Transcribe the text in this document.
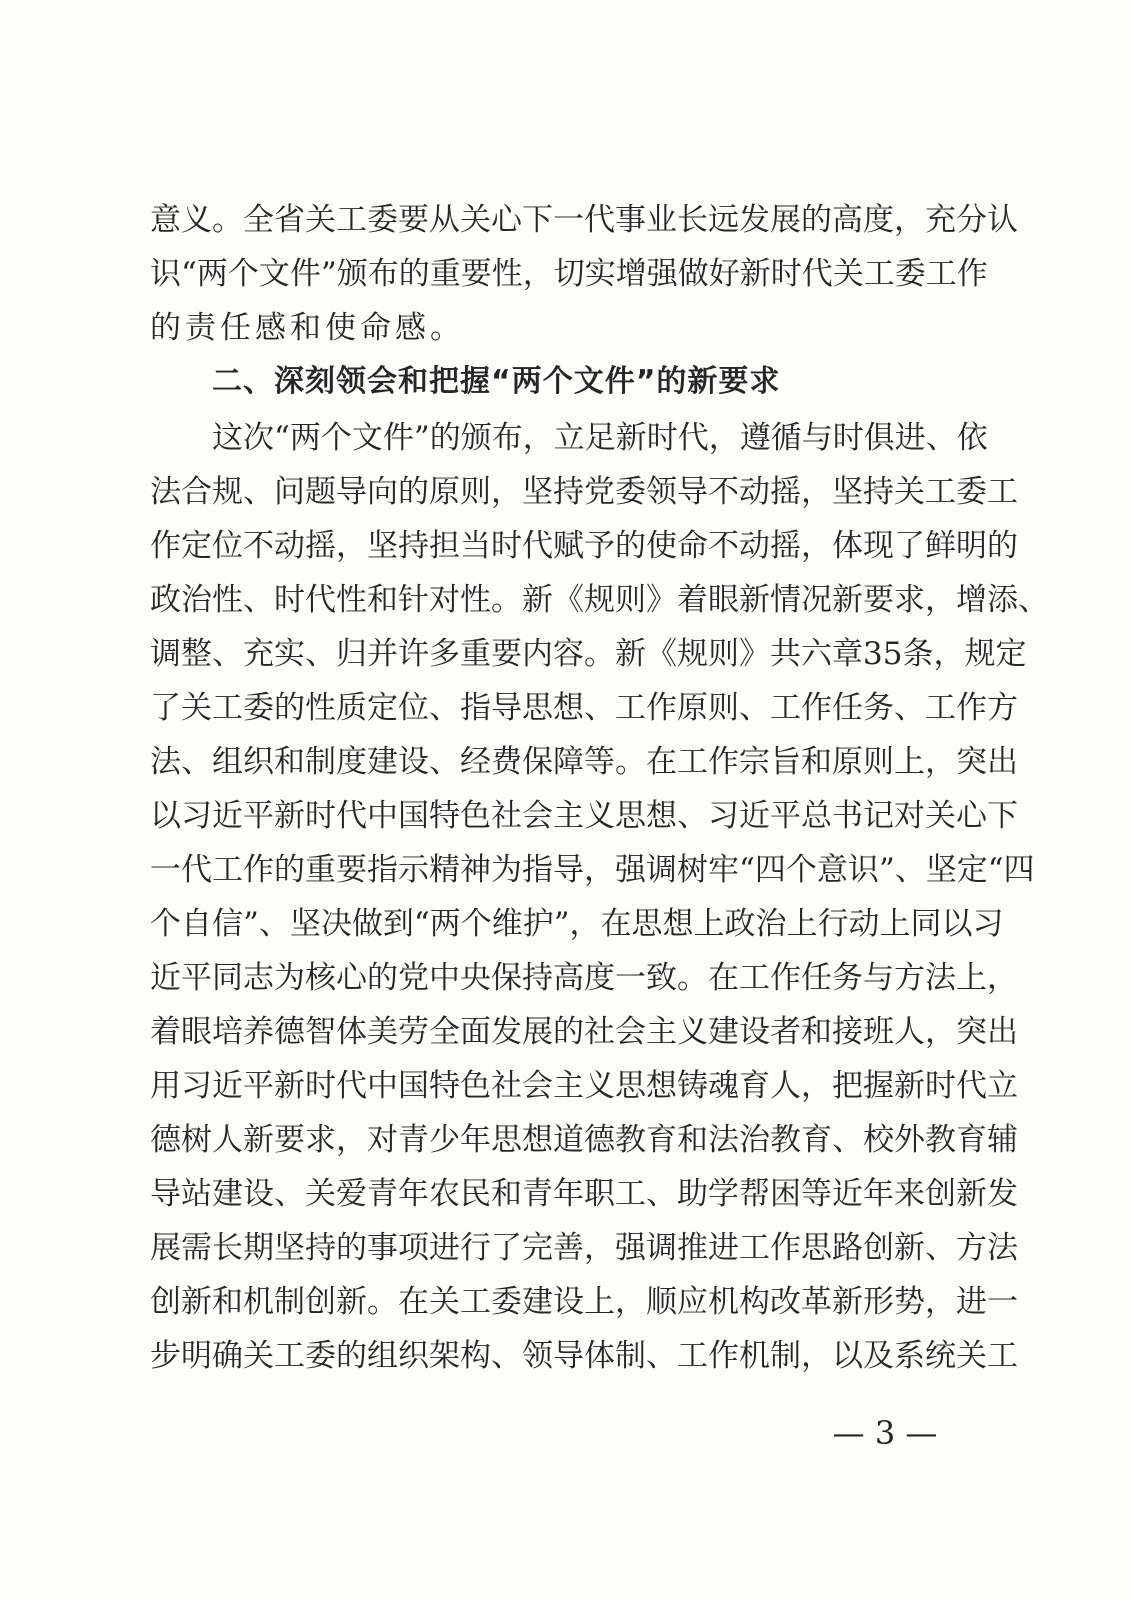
意义。全省关工委要从关心下一代事业长远发展的高度，充分认
识“两个文件”颁布的重要性，切实增强做好新时代关工委工作
的责任感和使命感。
二、深刻领会和把握“两个文件”的新要求
这次“两个文件”的颁布，立足新时代，遵循与时俱进、依
法合规、问题导向的原则，坚持党委领导不动摇，坚持关工委工
作定位不动摇，坚持担当时代赋予的使命不动摇，体现了鲜明的
政治性、时代性和针对性。新《规则》着眼新情况新要求，增添、
调整、充实、归并许多重要内容。新《规则》共六章35条，规定
了关工委的性质定位、指导思想、工作原则、工作任务、工作方
法、组织和制度建设、经费保障等。在工作宗旨和原则上，突出
以习近平新时代中国特色社会主义思想、习近平总书记对关心下
一代工作的重要指示精神为指导，强调树牢“四个意识”、坚定“四
个自信”、坚决做到“两个维护”，在思想上政治上行动上同以习
近平同志为核心的党中央保持高度一致。在工作任务与方法上，
着眼培养德智体美劳全面发展的社会主义建设者和接班人，突出
用习近平新时代中国特色社会主义思想铸魂育人，把握新时代立
德树人新要求，对青少年思想道德教育和法治教育、校外教育辅
导站建设、关爱青年农民和青年职工、助学帮困等近年来创新发
展需长期坚持的事项进行了完善，强调推进工作思路创新、方法
创新和机制创新。在关工委建设上，顺应机构改革新形势，进一
步明确关工委的组织架构、领导体制、工作机制，以及系统关工
— 3 —
